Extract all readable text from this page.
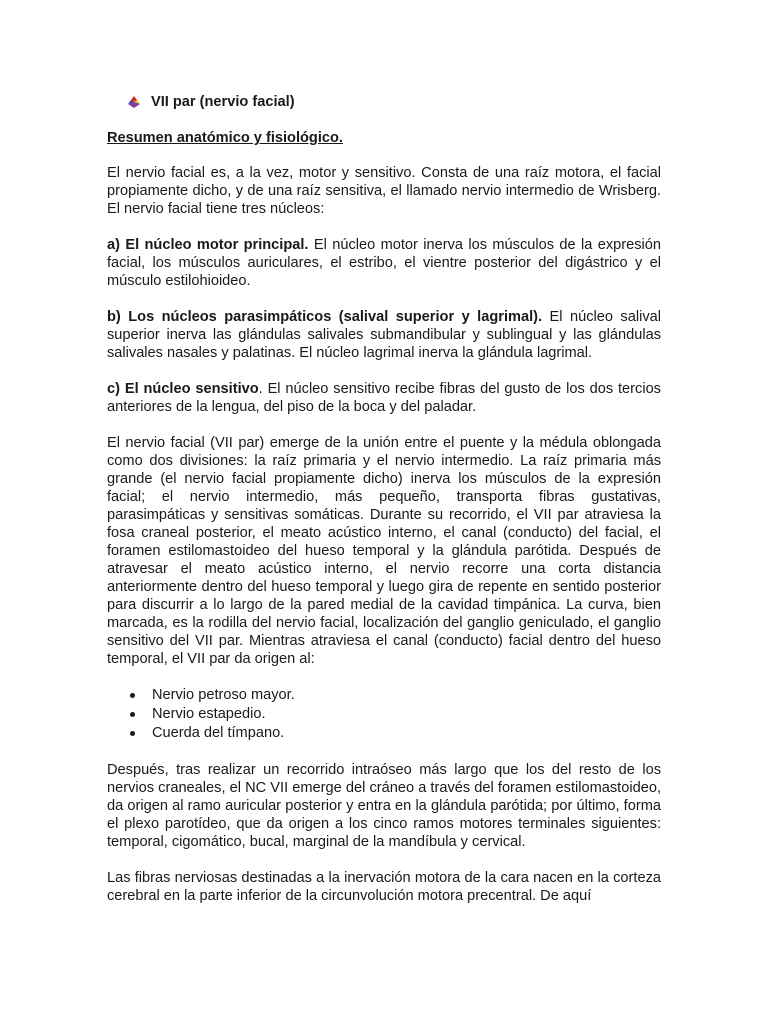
VII par (nervio facial)
Resumen anatómico y fisiológico.

El nervio facial es, a la vez, motor y sensitivo. Consta de una raíz motora, el facial propiamente dicho, y de una raíz sensitiva, el llamado nervio intermedio de Wrisberg. El nervio facial tiene tres núcleos:

a) El núcleo motor principal. El núcleo motor inerva los músculos de la expresión facial, los músculos auriculares, el estribo, el vientre posterior del digástrico y el músculo estilohioideo.

b) Los núcleos parasimpáticos (salival superior y lagrimal). El núcleo salival superior inerva las glándulas salivales submandibular y sublingual y las glándulas salivales nasales y palatinas. El núcleo lagrimal inerva la glándula lagrimal.

c) El núcleo sensitivo. El núcleo sensitivo recibe fibras del gusto de los dos tercios anteriores de la lengua, del piso de la boca y del paladar.

El nervio facial (VII par) emerge de la unión entre el puente y la médula oblongada como dos divisiones: la raíz primaria y el nervio intermedio. La raíz primaria más grande (el nervio facial propiamente dicho) inerva los músculos de la expresión facial; el nervio intermedio, más pequeño, transporta fibras gustativas, parasimpáticas y sensitivas somáticas. Durante su recorrido, el VII par atraviesa la fosa craneal posterior, el meato acústico interno, el canal (conducto) del facial, el foramen estilomastoideo del hueso temporal y la glándula parótida. Después de atravesar el meato acústico interno, el nervio recorre una corta distancia anteriormente dentro del hueso temporal y luego gira de repente en sentido posterior para discurrir a lo largo de la pared medial de la cavidad timpánica. La curva, bien marcada, es la rodilla del nervio facial, localización del ganglio geniculado, el ganglio sensitivo del VII par. Mientras atraviesa el canal (conducto) facial dentro del hueso temporal, el VII par da origen al:

Nervio petroso mayor.
Nervio estapedio.
Cuerda del tímpano.

Después, tras realizar un recorrido intraóseo más largo que los del resto de los nervios craneales, el NC VII emerge del cráneo a través del foramen estilomastoideo, da origen al ramo auricular posterior y entra en la glándula parótida; por último, forma el plexo parotídeo, que da origen a los cinco ramos motores terminales siguientes: temporal, cigomático, bucal, marginal de la mandíbula y cervical.

Las fibras nerviosas destinadas a la inervación motora de la cara nacen en la corteza cerebral en la parte inferior de la circunvolución motora precentral. De aquí
